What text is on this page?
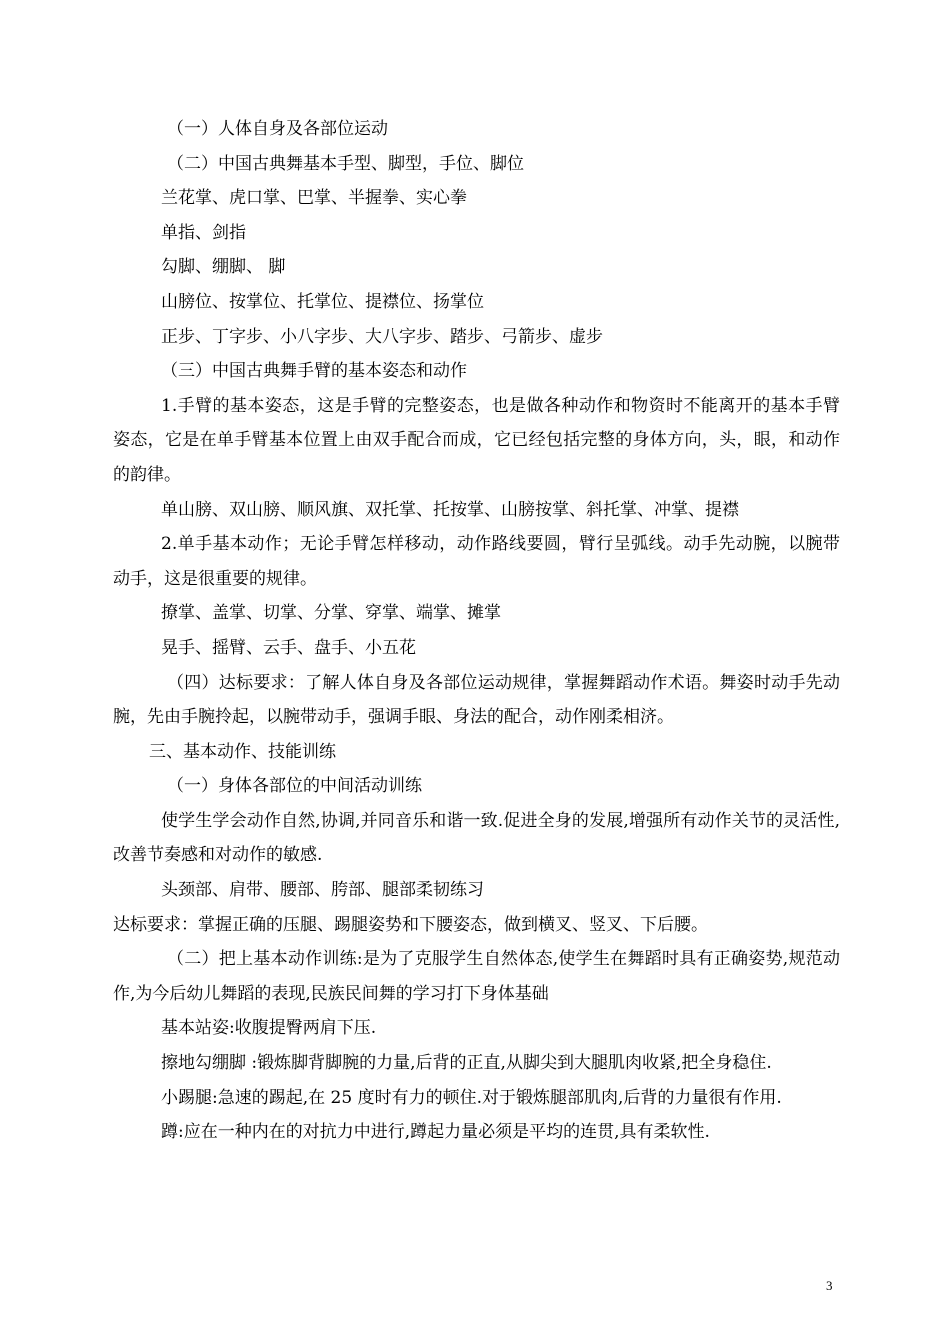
（一）人体自身及各部位运动

（二）中国古典舞基本手型、脚型，手位、脚位

兰花掌、虎口掌、巴掌、半握拳、实心拳

单指、剑指

勾脚、绷脚、 脚

山膀位、按掌位、托掌位、提襟位、扬掌位

正步、丁字步、小八字步、大八字步、踏步、弓箭步、虚步

（三）中国古典舞手臂的基本姿态和动作

1.手臂的基本姿态，这是手臂的完整姿态，也是做各种动作和物资时不能离开的基本手臂姿态，它是在单手臂基本位置上由双手配合而成，它已经包括完整的身体方向，头，眼，和动作的韵律。

单山膀、双山膀、顺风旗、双托掌、托按掌、山膀按掌、斜托掌、冲掌、提襟

2.单手基本动作；无论手臂怎样移动，动作路线要圆，臂行呈弧线。动手先动腕，以腕带动手，这是很重要的规律。

撩掌、盖掌、切掌、分掌、穿掌、端掌、摊掌

晃手、摇臂、云手、盘手、小五花

（四）达标要求：了解人体自身及各部位运动规律，掌握舞蹈动作术语。舞姿时动手先动腕，先由手腕拎起，以腕带动手，强调手眼、身法的配合，动作刚柔相济。

三、基本动作、技能训练

（一）身体各部位的中间活动训练

使学生学会动作自然,协调,并同音乐和谐一致.促进全身的发展,增强所有动作关节的灵活性,改善节奏感和对动作的敏感.

头颈部、肩带、腰部、胯部、腿部柔韧练习

达标要求：掌握正确的压腿、踢腿姿势和下腰姿态，做到横叉、竖叉、下后腰。

（二）把上基本动作训练:是为了克服学生自然体态,使学生在舞蹈时具有正确姿势,规范动作,为今后幼儿舞蹈的表现,民族民间舞的学习打下身体基础

基本站姿:收腹提臀两肩下压.

擦地勾绷脚 :锻炼脚背脚腕的力量,后背的正直,从脚尖到大腿肌肉收紧,把全身稳住.

小踢腿:急速的踢起,在 25 度时有力的顿住.对于锻炼腿部肌肉,后背的力量很有作用.

蹲:应在一种内在的对抗力中进行,蹲起力量必须是平均的连贯,具有柔软性.

3
